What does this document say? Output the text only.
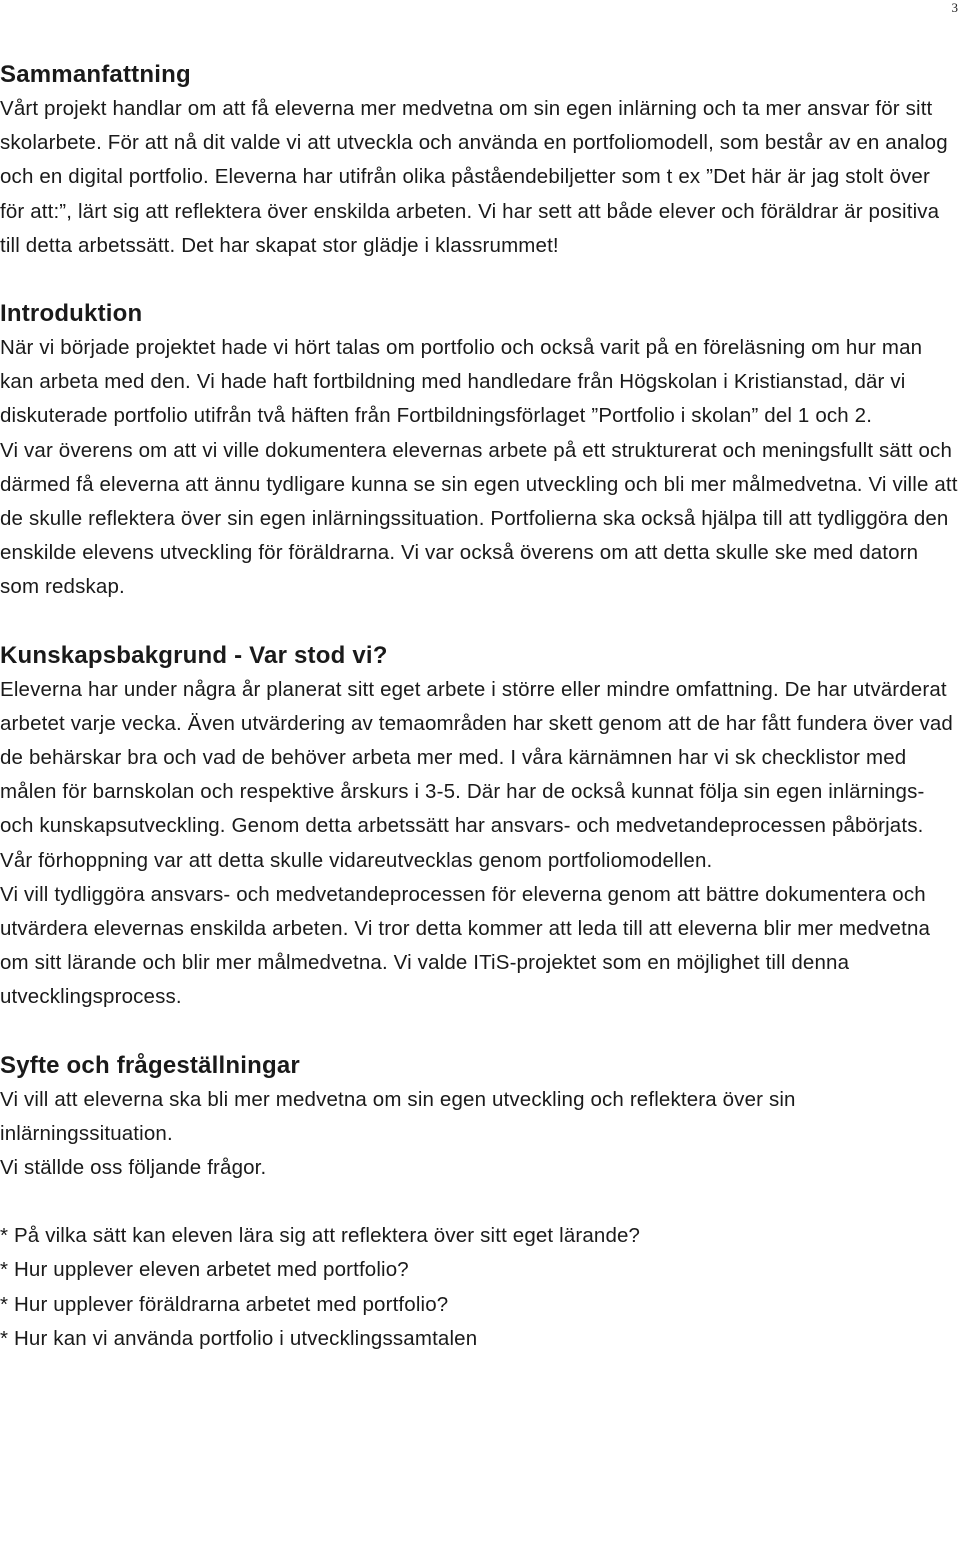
3
Sammanfattning

Vårt projekt handlar om att få eleverna mer medvetna om sin egen inlärning och ta mer ansvar för sitt skolarbete. För att nå dit valde vi att utveckla och använda en portfoliomodell, som består av en analog och en digital portfolio. Eleverna har utifrån olika påståendebiljetter som t ex ”Det här är jag stolt över för att:”, lärt sig att reflektera över enskilda arbeten. Vi har sett att både elever och föräldrar är positiva till detta arbetssätt. Det har skapat stor glädje i klassrummet!

Introduktion

När vi började projektet hade vi hört talas om portfolio och också varit på en föreläsning om hur man kan arbeta med den. Vi hade haft fortbildning med handledare från Högskolan i Kristianstad, där vi diskuterade portfolio utifrån två häften från Fortbildningsförlaget ”Portfolio i skolan” del 1 och 2.

Vi var överens om att vi ville dokumentera elevernas arbete på ett strukturerat och meningsfullt sätt och därmed få eleverna att ännu tydligare kunna se sin egen utveckling och bli mer målmedvetna. Vi ville att de skulle reflektera över sin egen inlärningssituation. Portfolierna ska också hjälpa till att tydliggöra den enskilde elevens utveckling för föräldrarna. Vi var också överens om att detta skulle ske med datorn som redskap.

Kunskapsbakgrund - Var stod vi?

Eleverna har under några år planerat sitt eget arbete i större eller mindre omfattning. De har utvärderat arbetet varje vecka. Även utvärdering av temaområden har skett genom att de har fått fundera över vad de behärskar bra och vad de behöver arbeta mer med. I våra kärnämnen har vi sk checklistor med målen för barnskolan och respektive årskurs i 3-5. Där har de också kunnat följa sin egen inlärnings- och kunskapsutveckling. Genom detta arbetssätt har ansvars- och medvetandeprocessen påbörjats. Vår förhoppning var att detta skulle vidareutvecklas genom portfoliomodellen.

Vi vill tydliggöra ansvars- och medvetandeprocessen för eleverna genom att bättre dokumentera och utvärdera elevernas enskilda arbeten. Vi tror detta kommer att leda till att eleverna blir mer medvetna om sitt lärande och blir mer målmedvetna. Vi valde ITiS-projektet som en möjlighet till denna utvecklingsprocess.

Syfte och frågeställningar

Vi vill att eleverna ska bli mer medvetna om sin egen utveckling och reflektera över sin inlärningssituation.

Vi ställde oss följande frågor.

* På vilka sätt kan eleven lära sig att reflektera över sitt eget lärande?
* Hur upplever eleven arbetet med portfolio?
* Hur upplever föräldrarna arbetet med portfolio?
* Hur kan vi använda portfolio i utvecklingssamtalen
